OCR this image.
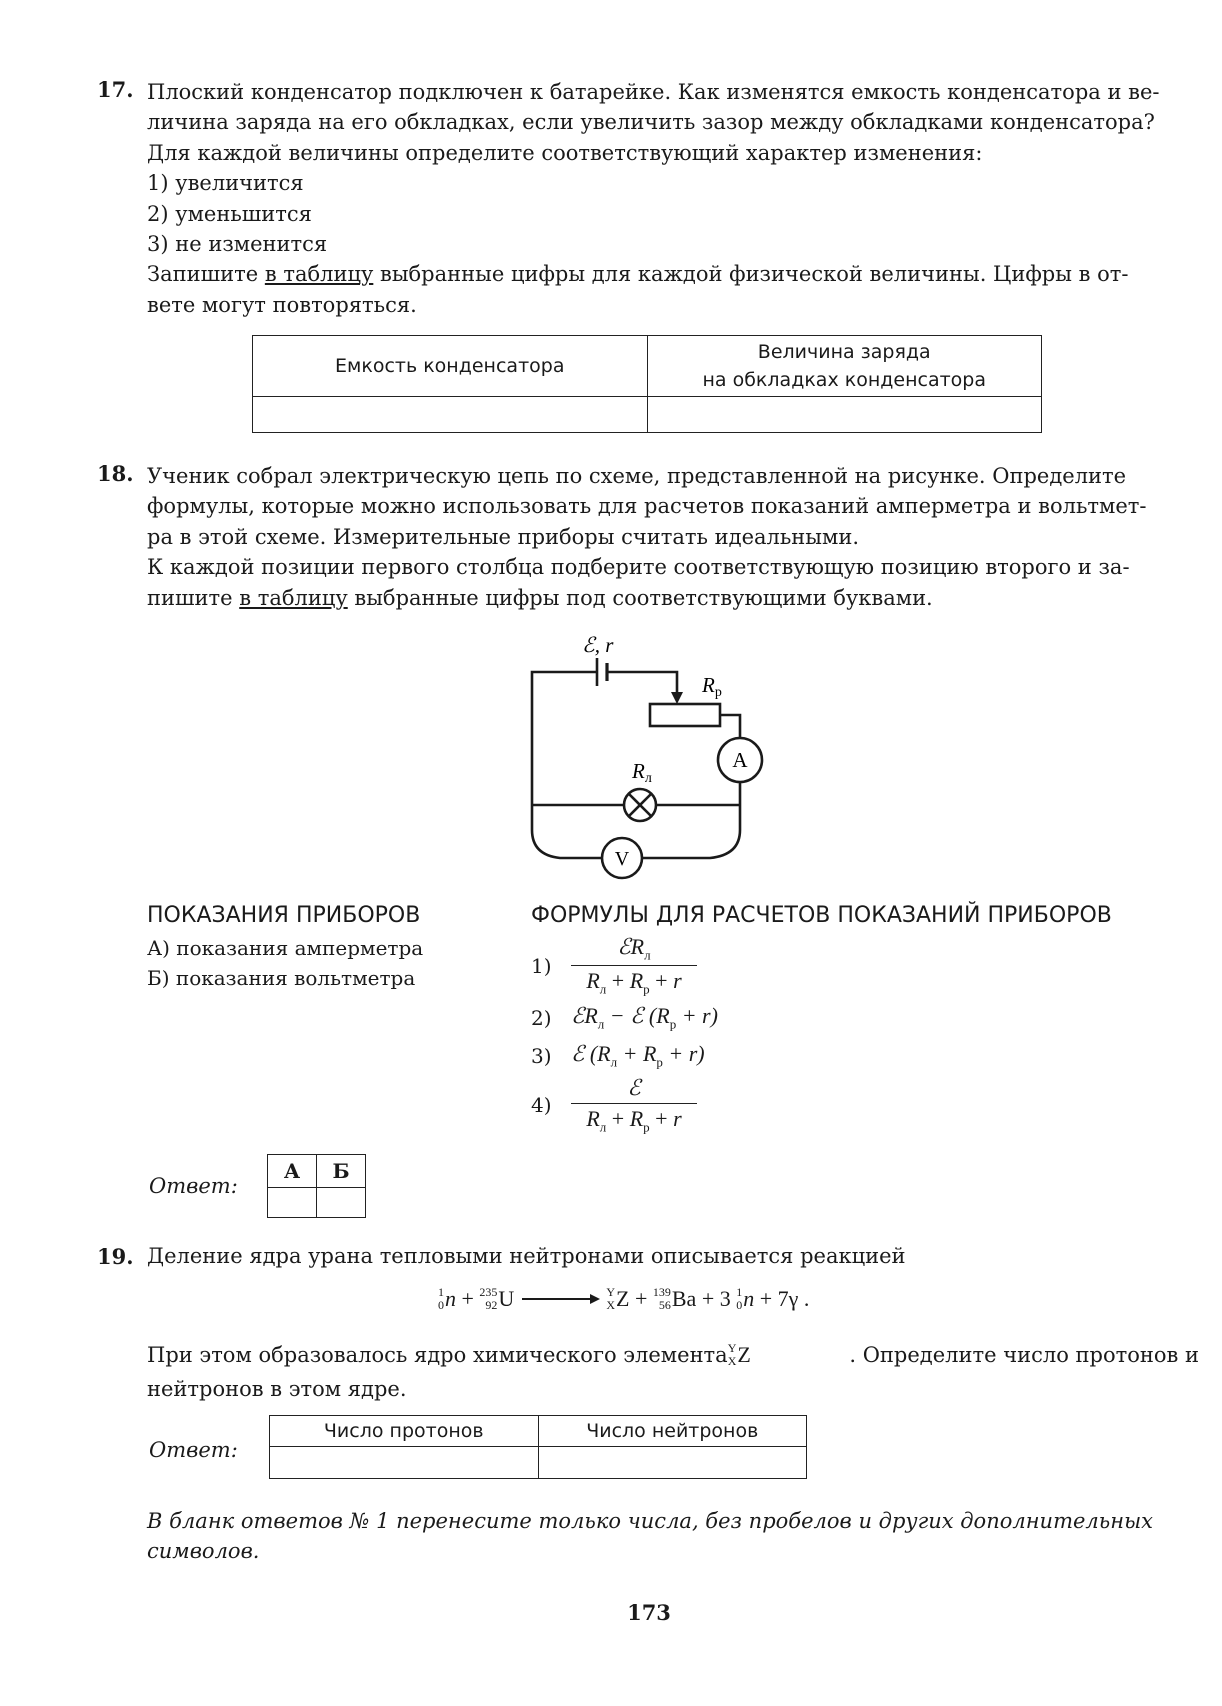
17. Плоский конденсатор подключен к батарейке. Как изменятся емкость конденсатора и ве-
личина заряда на его обкладках, если увеличить зазор между обкладками конденсатора?
Для каждой величины определите соответствующий характер изменения:
1) увеличится
2) уменьшится
3) не изменится
Запишите в таблицу выбранные цифры для каждой физической величины. Цифры в от-
вете могут повторяться.
Емкость конденсатора	Величина заряда
на обкладках конденсатора

18. Ученик собрал электрическую цепь по схеме, представленной на рисунке. Определите
формулы, которые можно использовать для расчетов показаний амперметра и вольтмет-
ра в этой схеме. Измерительные приборы считать идеальными.
К каждой позиции первого столбца подберите соответствующую позицию второго и за-
пишите в таблицу выбранные цифры под соответствующими буквами.
ℰ, r
Rр
Rл
A
V
ПОКАЗАНИЯ ПРИБОРОВ
А) показания амперметра
Б) показания вольтметра
ФОРМУЛЫ ДЛЯ РАСЧЕТОВ ПОКАЗАНИЙ ПРИБОРОВ
$1) \frac{ℰR_л}{R_л + R_р + r}$
2) ℰR$_л$ − ℰ $(R_р + r)$
3) ℰ $(R_л + R_р + r)$
$4) \frac{\text{ℰ}}{R_л + R_р + r}$
Ответ:
А	Б

19. Деление ядра урана тепловыми нейтронами описывается реакцией
1
0 n + 235
92 U → Y
X Z + 139
56 Ba + 3 1
0 n + 7γ .
При этом образовалось ядро химического элемента Y
X Z	. Определите число протонов и
нейтронов в этом ядре.
Ответ:
Число протонов	Число нейтронов

В бланк ответов № 1 перенесите только числа, без пробелов и других дополнительных
символов.
173
